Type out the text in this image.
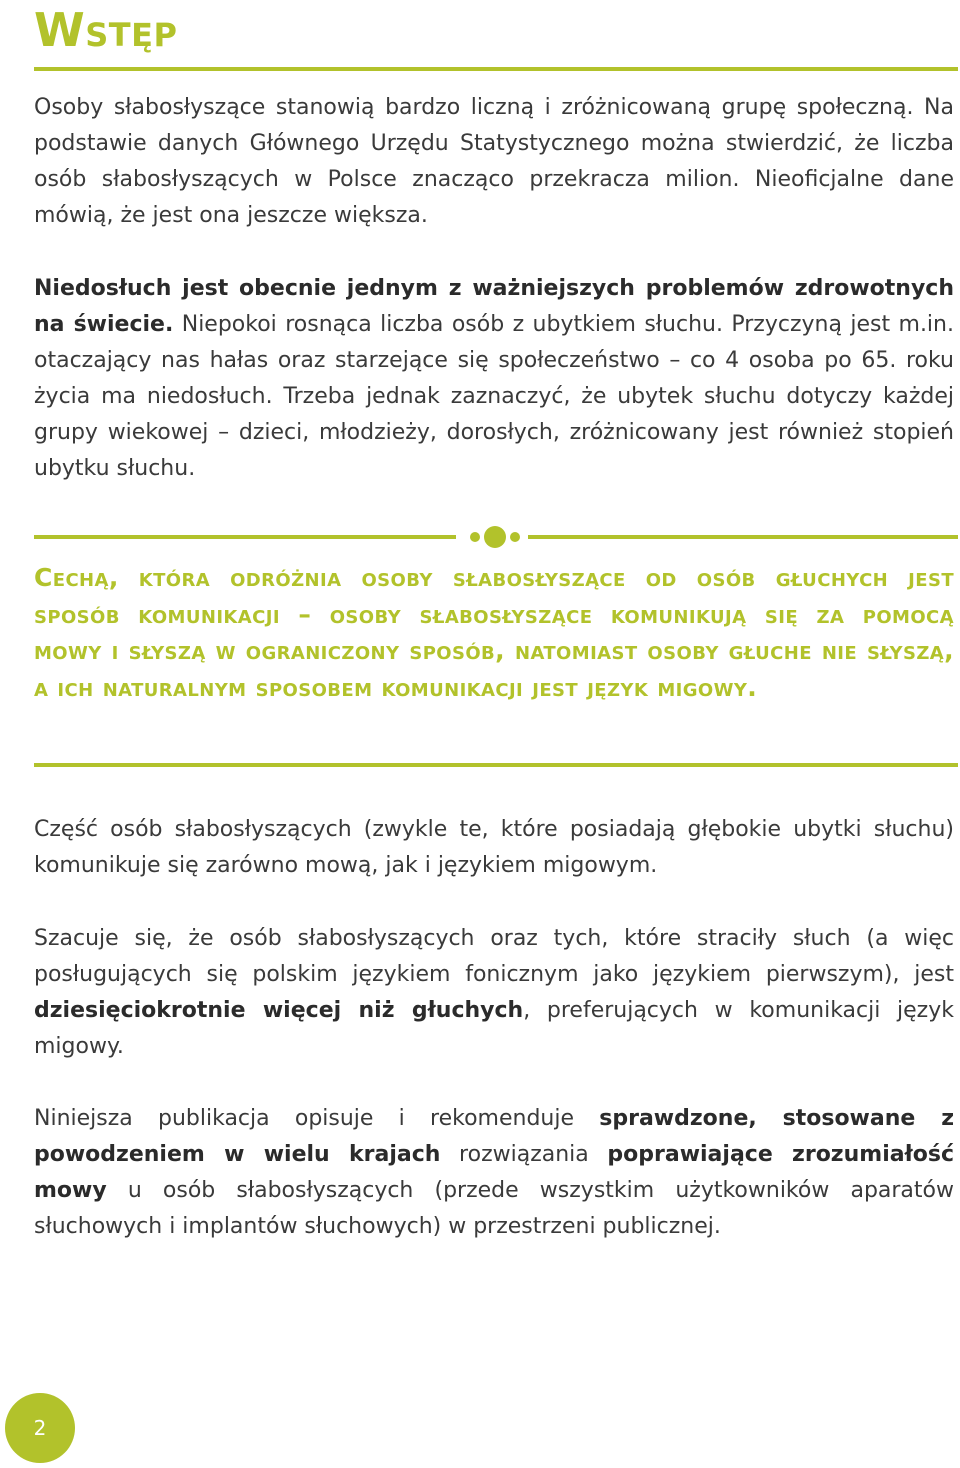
Wstęp

Osoby słabosłyszące stanowią bardzo liczną i zróżnicowaną grupę społeczną. Na podstawie danych Głównego Urzędu Statystycznego można stwierdzić, że liczba osób słabosłyszących w Polsce znacząco przekracza milion. Nieoficjalne dane mówią, że jest ona jeszcze większa.

Niedosłuch jest obecnie jednym z ważniejszych problemów zdrowotnych na świecie. Niepokoi rosnąca liczba osób z ubytkiem słuchu. Przyczyną jest m.in. otaczający nas hałas oraz starzejące się społeczeństwo – co 4 osoba po 65. roku życia ma niedosłuch. Trzeba jednak zaznaczyć, że ubytek słuchu dotyczy każdej grupy wiekowej – dzieci, młodzieży, dorosłych, zróżnicowany jest również stopień ubytku słuchu.

Cechą, która odróżnia osoby słabosłyszące od osób głuchych jest sposób komunikacji – osoby słabosłyszące komunikują się za pomocą mowy i słyszą w ograniczony sposób, natomiast osoby głuche nie słyszą, a ich naturalnym sposobem komunikacji jest język migowy.

Część osób słabosłyszących (zwykle te, które posiadają głębokie ubytki słuchu) komunikuje się zarówno mową, jak i językiem migowym.

Szacuje się, że osób słabosłyszących oraz tych, które straciły słuch (a więc posługujących się polskim językiem fonicznym jako językiem pierwszym), jest dziesięciokrotnie więcej niż głuchych, preferujących w komunikacji język migowy.

Niniejsza publikacja opisuje i rekomenduje sprawdzone, stosowane z powodzeniem w wielu krajach rozwiązania poprawiające zrozumiałość mowy u osób słabosłyszących (przede wszystkim użytkowników aparatów słuchowych i implantów słuchowych) w przestrzeni publicznej.

2
